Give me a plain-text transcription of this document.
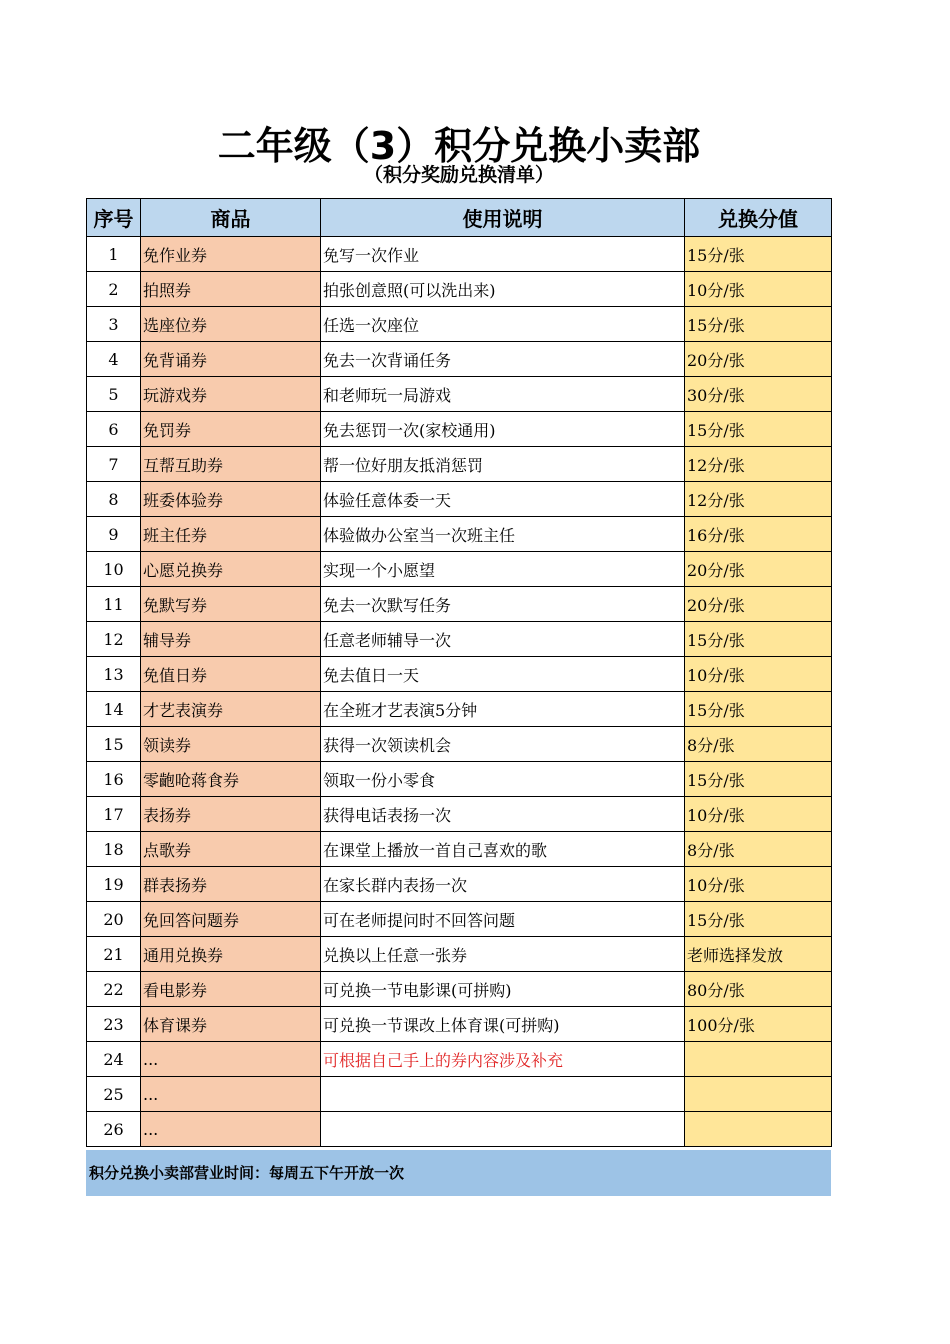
二年级（3）积分兑换小卖部
（积分奖励兑换清单）
序号	商品	使用说明	兑换分值
1	免作业券	免写一次作业	15分/张
2	拍照券	拍张创意照(可以洗出来)	10分/张
3	选座位券	任选一次座位	15分/张
4	免背诵券	免去一次背诵任务	20分/张
5	玩游戏券	和老师玩一局游戏	30分/张
6	免罚券	免去惩罚一次(家校通用)	15分/张
7	互帮互助券	帮一位好朋友抵消惩罚	12分/张
8	班委体验券	体验任意体委一天	12分/张
9	班主任券	体验做办公室当一次班主任	16分/张
10	心愿兑换券	实现一个小愿望	20分/张
11	免默写券	免去一次默写任务	20分/张
12	辅导券	任意老师辅导一次	15分/张
13	免值日券	免去值日一天	10分/张
14	才艺表演券	在全班才艺表演5分钟	15分/张
15	领读券	获得一次领读机会	8分/张
16	零齙呛蒋食券	领取一份小零食	15分/张
17	表扬券	获得电话表扬一次	10分/张
18	点歌券	在课堂上播放一首自己喜欢的歌	8分/张
19	群表扬券	在家长群内表扬一次	10分/张
20	免回答问题券	可在老师提问时不回答问题	15分/张
21	通用兑换券	兑换以上任意一张券	老师选择发放
22	看电影券	可兑换一节电影课(可拼购)	80分/张
23	体育课券	可兑换一节课改上体育课(可拼购)	100分/张
24	...	可根据自己手上的券内容涉及补充	
25	...		
26	...		
积分兑换小卖部营业时间：每周五下午开放一次
